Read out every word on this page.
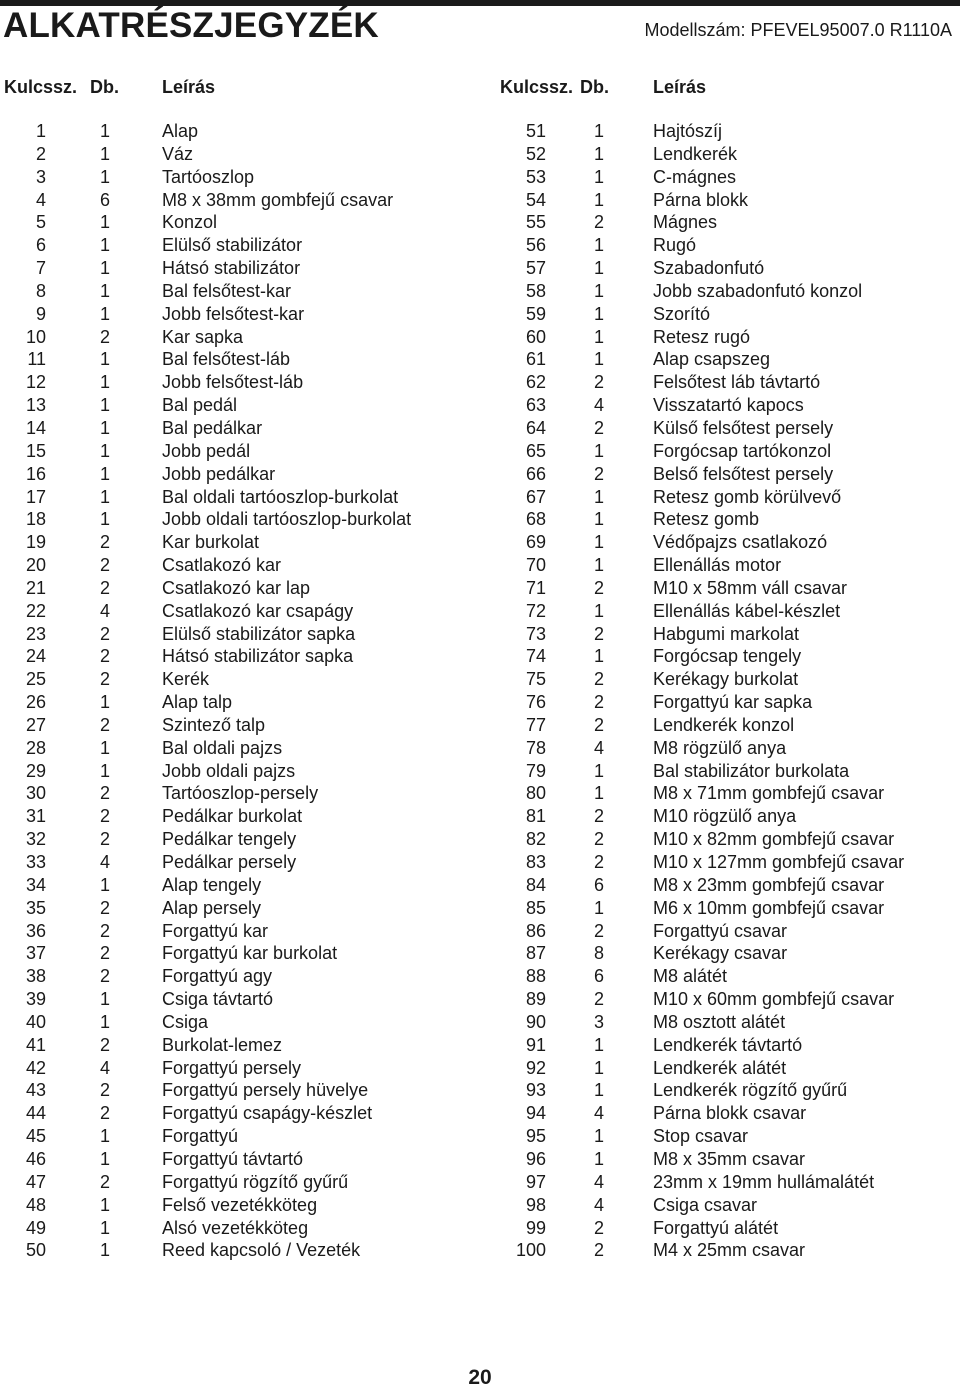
ALKATRÉSZJEGYZÉK	Modellszám: PFEVEL95007.0 R1110A
Kulcssz. Db. Leírás	Kulcssz. Db. Leírás
1	1	Alap
2	1	Váz
3	1	Tartóoszlop
4	6	M8 x 38mm gombfejű csavar
5	1	Konzol
6	1	Elülső stabilizátor
7	1	Hátsó stabilizátor
8	1	Bal felsőtest-kar
9	1	Jobb felsőtest-kar
10	2	Kar sapka
11	1	Bal felsőtest-láb
12	1	Jobb felsőtest-láb
13	1	Bal pedál
14	1	Bal pedálkar
15	1	Jobb pedál
16	1	Jobb pedálkar
17	1	Bal oldali tartóoszlop-burkolat
18	1	Jobb oldali tartóoszlop-burkolat
19	2	Kar burkolat
20	2	Csatlakozó kar
21	2	Csatlakozó kar lap
22	4	Csatlakozó kar csapágy
23	2	Elülső stabilizátor sapka
24	2	Hátsó stabilizátor sapka
25	2	Kerék
26	1	Alap talp
27	2	Szintező talp
28	1	Bal oldali pajzs
29	1	Jobb oldali pajzs
30	2	Tartóoszlop-persely
31	2	Pedálkar burkolat
32	2	Pedálkar tengely
33	4	Pedálkar persely
34	1	Alap tengely
35	2	Alap persely
36	2	Forgattyú kar
37	2	Forgattyú kar burkolat
38	2	Forgattyú agy
39	1	Csiga távtartó
40	1	Csiga
41	2	Burkolat-lemez
42	4	Forgattyú persely
43	2	Forgattyú persely hüvelye
44	2	Forgattyú csapágy-készlet
45	1	Forgattyú
46	1	Forgattyú távtartó
47	2	Forgattyú rögzítő gyűrű
48	1	Felső vezetékköteg
49	1	Alsó vezetékköteg
50	1	Reed kapcsoló / Vezeték
51	1	Hajtószíj
52	1	Lendkerék
53	1	C-mágnes
54	1	Párna blokk
55	2	Mágnes
56	1	Rugó
57	1	Szabadonfutó
58	1	Jobb szabadonfutó konzol
59	1	Szorító
60	1	Retesz rugó
61	1	Alap csapszeg
62	2	Felsőtest láb távtartó
63	4	Visszatartó kapocs
64	2	Külső felsőtest persely
65	1	Forgócsap tartókonzol
66	2	Belső felsőtest persely
67	1	Retesz gomb körülvevő
68	1	Retesz gomb
69	1	Védőpajzs csatlakozó
70	1	Ellenállás motor
71	2	M10 x 58mm váll csavar
72	1	Ellenállás kábel-készlet
73	2	Habgumi markolat
74	1	Forgócsap tengely
75	2	Kerékagy burkolat
76	2	Forgattyú kar sapka
77	2	Lendkerék konzol
78	4	M8 rögzülő anya
79	1	Bal stabilizátor burkolata
80	1	M8 x 71mm gombfejű csavar
81	2	M10 rögzülő anya
82	2	M10 x 82mm gombfejű csavar
83	2	M10 x 127mm gombfejű csavar
84	6	M8 x 23mm gombfejű csavar
85	1	M6 x 10mm gombfejű csavar
86	2	Forgattyú csavar
87	8	Kerékagy csavar
88	6	M8 alátét
89	2	M10 x 60mm gombfejű csavar
90	3	M8 osztott alátét
91	1	Lendkerék távtartó
92	1	Lendkerék alátét
93	1	Lendkerék rögzítő gyűrű
94	4	Párna blokk csavar
95	1	Stop csavar
96	1	M8 x 35mm csavar
97	4	23mm x 19mm hullámalátét
98	4	Csiga csavar
99	2	Forgattyú alátét
100	2	M4 x 25mm csavar
20
